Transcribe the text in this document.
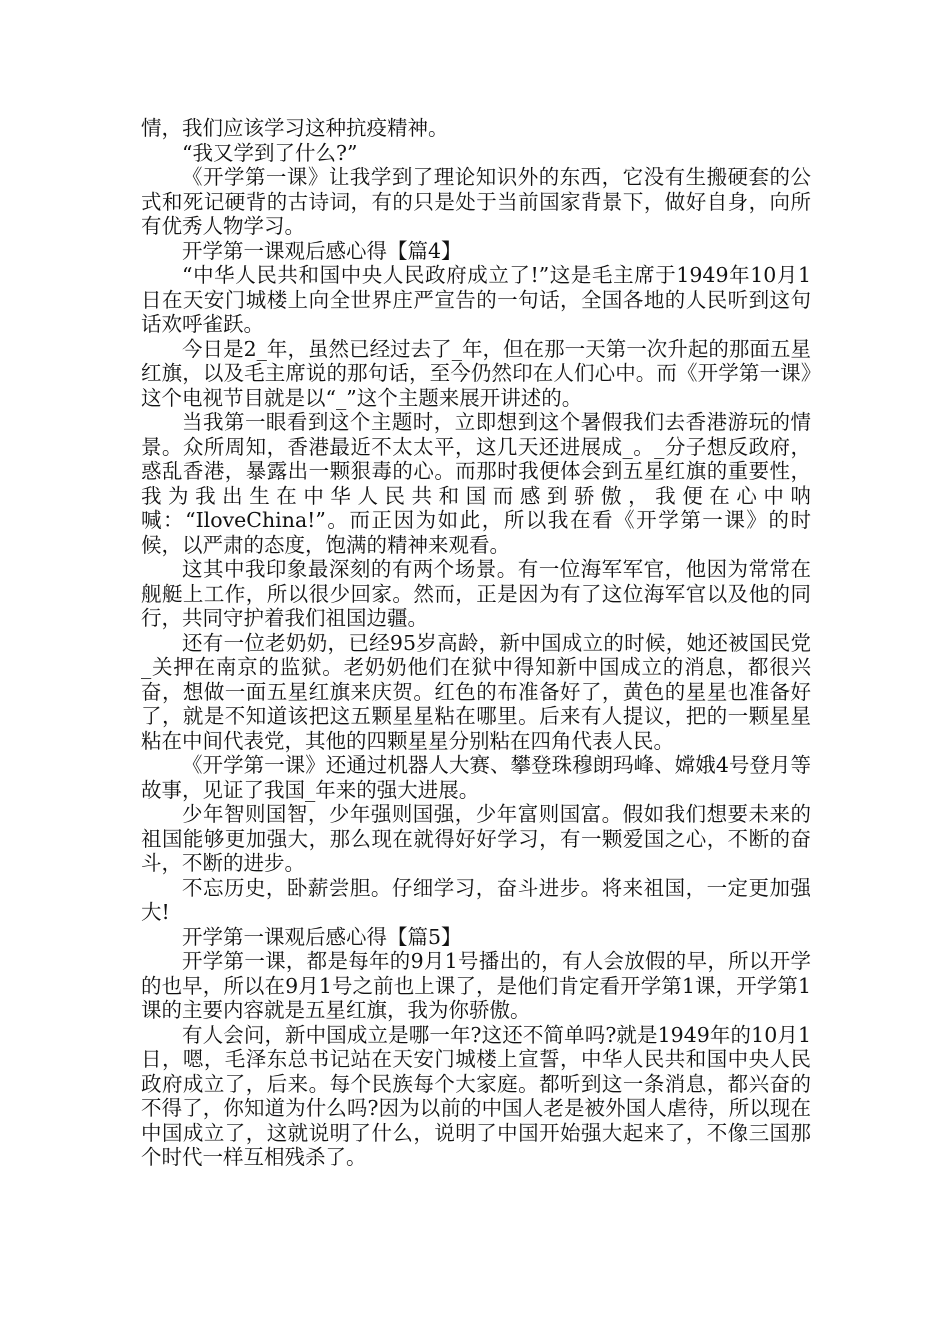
情，我们应该学习这种抗疫精神。

“我又学到了什么?”

《开学第一课》让我学到了理论知识外的东西，它没有生搬硬套的公式和死记硬背的古诗词，有的只是处于当前国家背景下，做好自身，向所有优秀人物学习。

开学第一课观后感心得【篇4】

“中华人民共和国中央人民政府成立了!”这是毛主席于1949年10月1日在天安门城楼上向全世界庄严宣告的一句话，全国各地的人民听到这句话欢呼雀跃。

今日是2_年，虽然已经过去了_年，但在那一天第一次升起的那面五星红旗，以及毛主席说的那句话，至今仍然印在人们心中。而《开学第一课》这个电视节目就是以“_”这个主题来展开讲述的。

当我第一眼看到这个主题时，立即想到这个暑假我们去香港游玩的情景。众所周知，香港最近不太太平，这几天还进展成_。_分子想反政府，惑乱香港，暴露出一颗狠毒的心。而那时我便体会到五星红旗的重要性，我为我出生在中华人民共和国而感到骄傲，我便在心中呐喊：“IloveChina!”。而正因为如此，所以我在看《开学第一课》的时候，以严肃的态度，饱满的精神来观看。

这其中我印象最深刻的有两个场景。有一位海军军官，他因为常常在舰艇上工作，所以很少回家。然而，正是因为有了这位海军官以及他的同行，共同守护着我们祖国边疆。

还有一位老奶奶，已经95岁高龄，新中国成立的时候，她还被国民党_关押在南京的监狱。老奶奶他们在狱中得知新中国成立的消息，都很兴奋，想做一面五星红旗来庆贺。红色的布准备好了，黄色的星星也准备好了，就是不知道该把这五颗星星粘在哪里。后来有人提议，把的一颗星星粘在中间代表党，其他的四颗星星分别粘在四角代表人民。

《开学第一课》还通过机器人大赛、攀登珠穆朗玛峰、嫦娥4号登月等故事，见证了我国_年来的强大进展。

少年智则国智，少年强则国强，少年富则国富。假如我们想要未来的祖国能够更加强大，那么现在就得好好学习，有一颗爱国之心，不断的奋斗，不断的进步。

不忘历史，卧薪尝胆。仔细学习，奋斗进步。将来祖国，一定更加强大!

开学第一课观后感心得【篇5】

开学第一课，都是每年的9月1号播出的，有人会放假的早，所以开学的也早，所以在9月1号之前也上课了，是他们肯定看开学第1课，开学第1课的主要内容就是五星红旗，我为你骄傲。

有人会问，新中国成立是哪一年?这还不简单吗?就是1949年的10月1日，嗯，毛泽东总书记站在天安门城楼上宣誓，中华人民共和国中央人民政府成立了，后来。每个民族每个大家庭。都听到这一条消息，都兴奋的不得了，你知道为什么吗?因为以前的中国人老是被外国人虐待，所以现在中国成立了，这就说明了什么，说明了中国开始强大起来了，不像三国那个时代一样互相残杀了。
